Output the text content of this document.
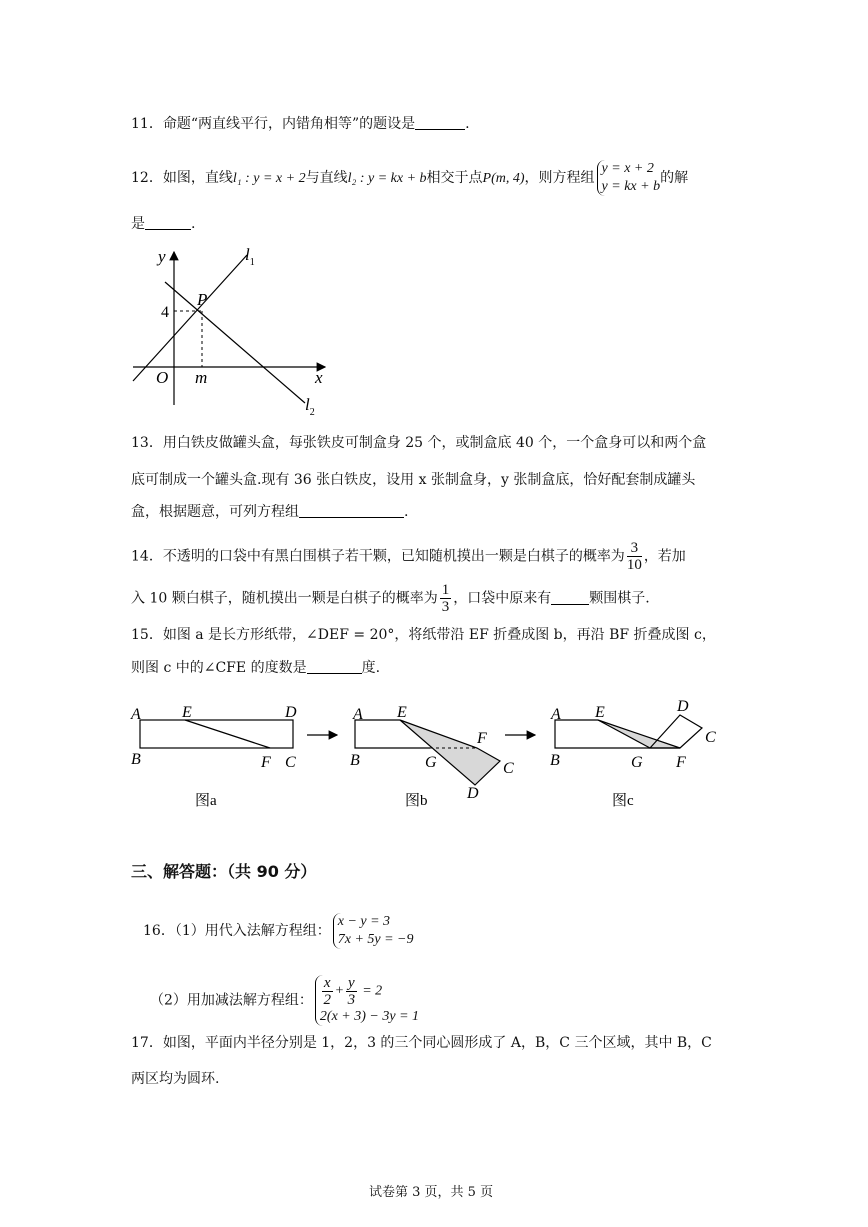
11．命题“两直线平行，内错角相等”的题设是	.
12．如图，直线l₁ : y = x + 2与直线l₂ : y = kx + b相交于点P(m, 4)，则方程组
y = x + 2
y = kx + b
的解
是	.
y
x
$l_1$
$l_2$
P
4
O m
13．用白铁皮做罐头盒，每张铁皮可制盒身 25 个，或制盒底 40 个，一个盒身可以和两个盒
底可制成一个罐头盒.现有 36 张白铁皮，设用 x 张制盒身，y 张制盒底，恰好配套制成罐头
盒，根据题意，可列方程组	.
14．不透明的口袋中有黑白围棋子若干颗，已知随机摸出一颗是白棋子的概率为 $\frac{3}{10}$ ，若加
入 10 颗白棋子，随机摸出一颗是白棋子的概率为 $\frac{1}{3}$ ，口袋中原来有	颗围棋子.
15．如图 a 是长方形纸带，∠DEF = 20°，将纸带沿 EF 折叠成图 b，再沿 BF 折叠成图 c，
则图 c 中的∠CFE 的度数是	度.
A	E	D
B	F C
图a
A E
F
B	G	C
D
图b
A E	D
C
B	G F
图c
三、解答题：（共 90 分）
16．（1）用代入法解方程组：
x − y = 3
7x + 5y = −9
（2）用加减法解方程组： $\frac{x}{2} + \frac{y}{3} = 2$
2(x + 3) − 3y = 1
17．如图，平面内半径分别是 1，2，3 的三个同心圆形成了 A，B，C 三个区域，其中 B，C
两区均为圆环.
试卷第 3 页，共 5 页
